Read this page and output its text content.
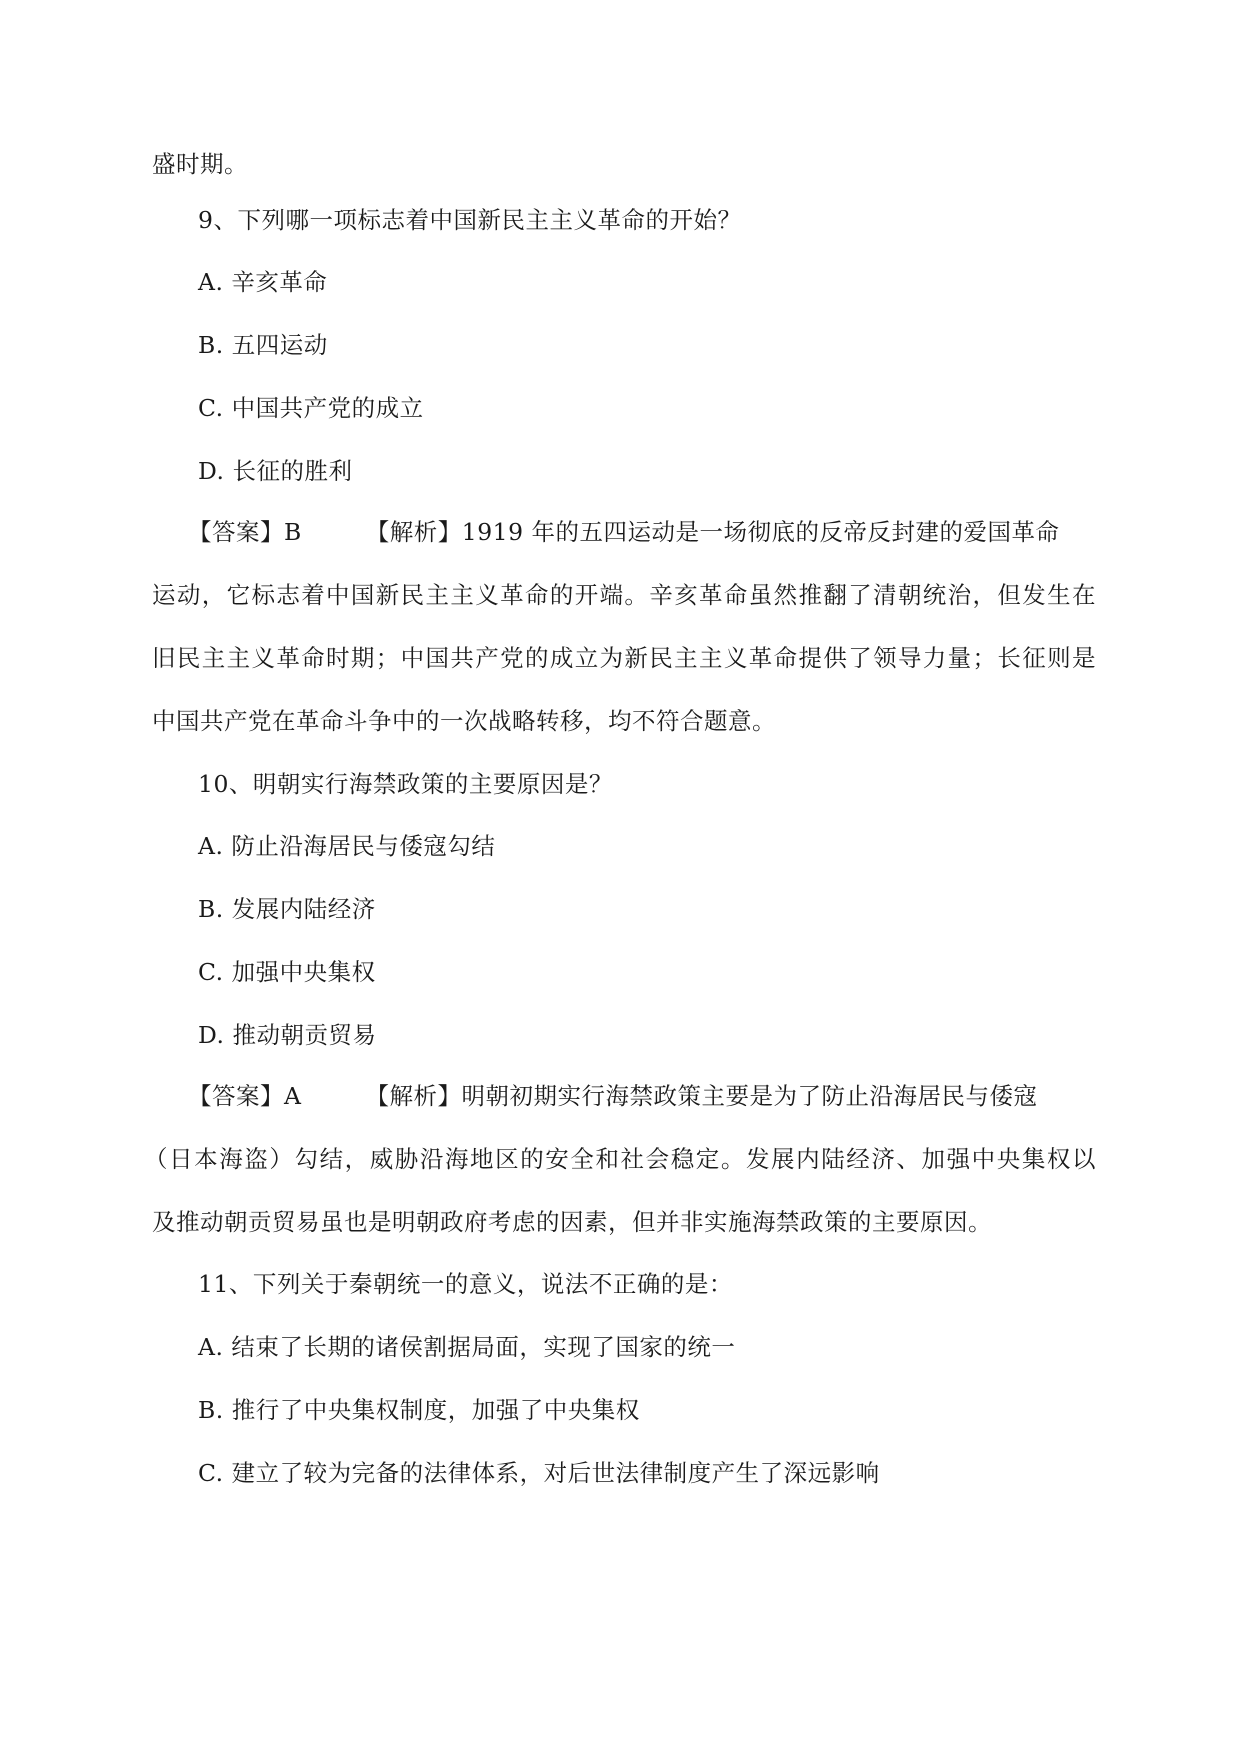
盛时期。
9、下列哪一项标志着中国新民主主义革命的开始？
A. 辛亥革命
B. 五四运动
C. 中国共产党的成立
D. 长征的胜利
【答案】B	【解析】1919 年的五四运动是一场彻底的反帝反封建的爱国革命
运动，它标志着中国新民主主义革命的开端。辛亥革命虽然推翻了清朝统治，但发生在
旧民主主义革命时期；中国共产党的成立为新民主主义革命提供了领导力量；长征则是
中国共产党在革命斗争中的一次战略转移，均不符合题意。
10、明朝实行海禁政策的主要原因是？
A. 防止沿海居民与倭寇勾结
B. 发展内陆经济
C. 加强中央集权
D. 推动朝贡贸易
【答案】A	【解析】明朝初期实行海禁政策主要是为了防止沿海居民与倭寇
（日本海盗）勾结，威胁沿海地区的安全和社会稳定。发展内陆经济、加强中央集权以
及推动朝贡贸易虽也是明朝政府考虑的因素，但并非实施海禁政策的主要原因。
11、下列关于秦朝统一的意义，说法不正确的是：
A. 结束了长期的诸侯割据局面，实现了国家的统一
B. 推行了中央集权制度，加强了中央集权
C. 建立了较为完备的法律体系，对后世法律制度产生了深远影响
